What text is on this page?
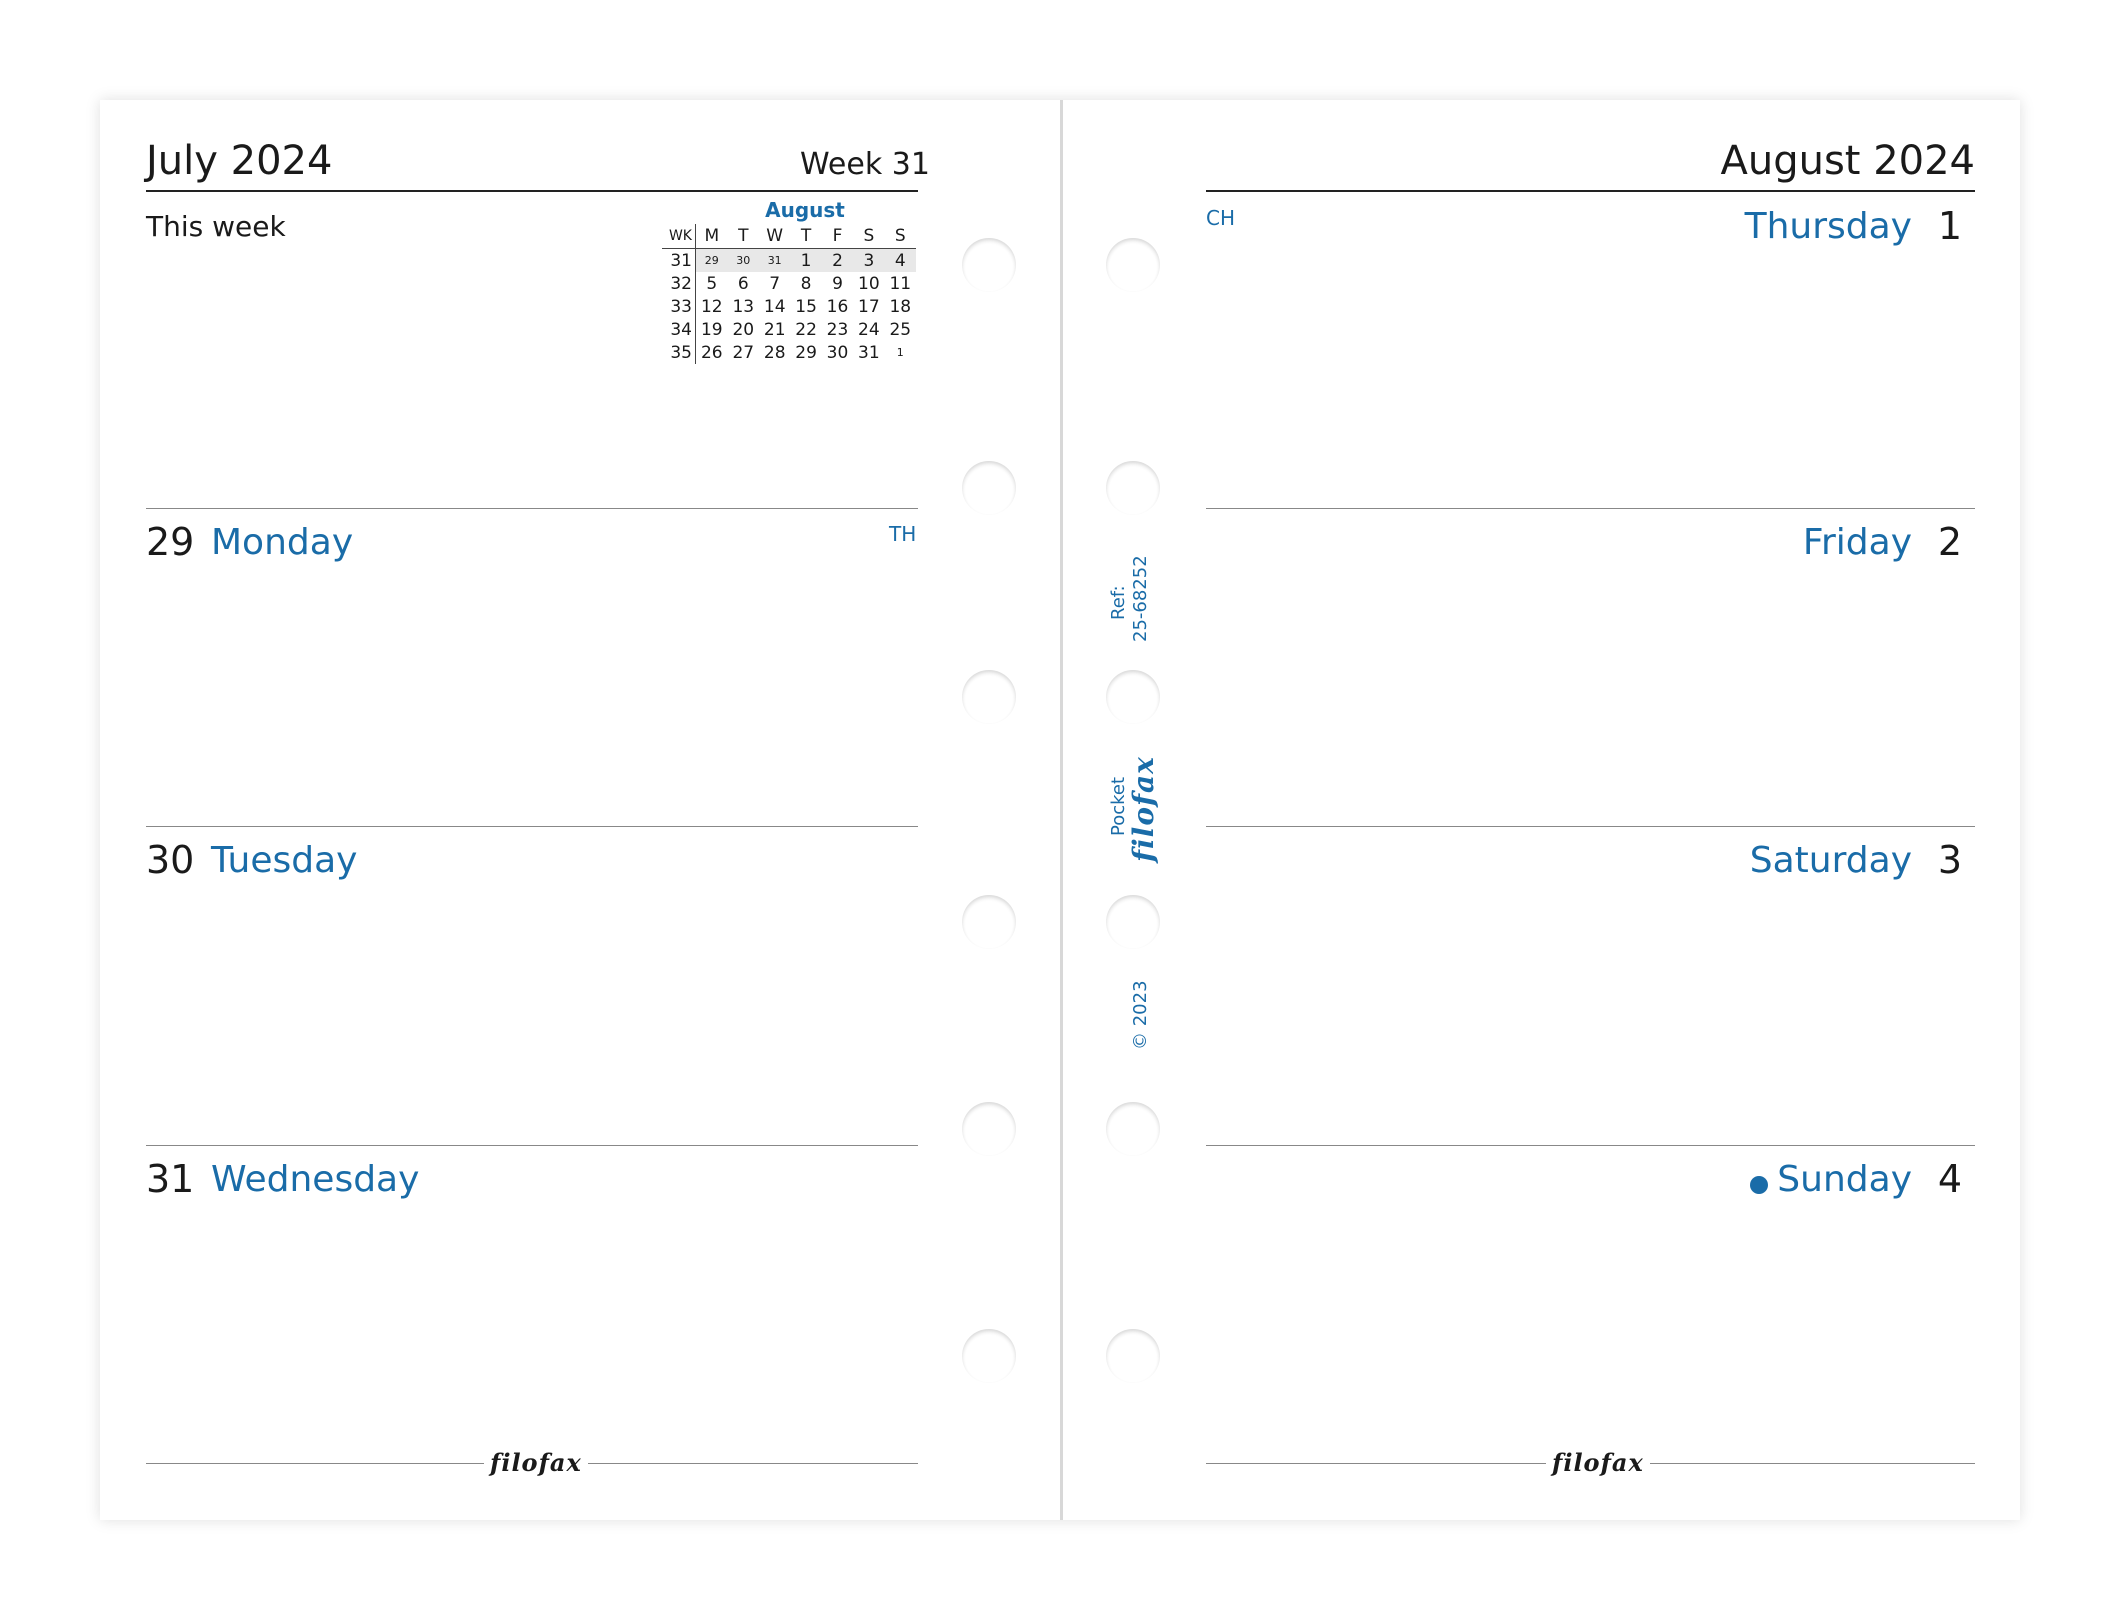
July 2024	Week 31
This week	August
WK	M	T	W	T	F	S	S
31	29	30	31	1	2	3	4
32	5	6	7	8	9	10	11
33	12	13	14	15	16	17	18
34	19	20	21	22	23	24	25
35	26	27	28	29	30	31	1
29 Monday	TH
30 Tuesday
31 Wednesday
filofax
August 2024
CH	Thursday 1
Friday 2
Saturday 3
Sunday 4
filofax
Ref: 25-68252
Pocket
filofax
© 2023
